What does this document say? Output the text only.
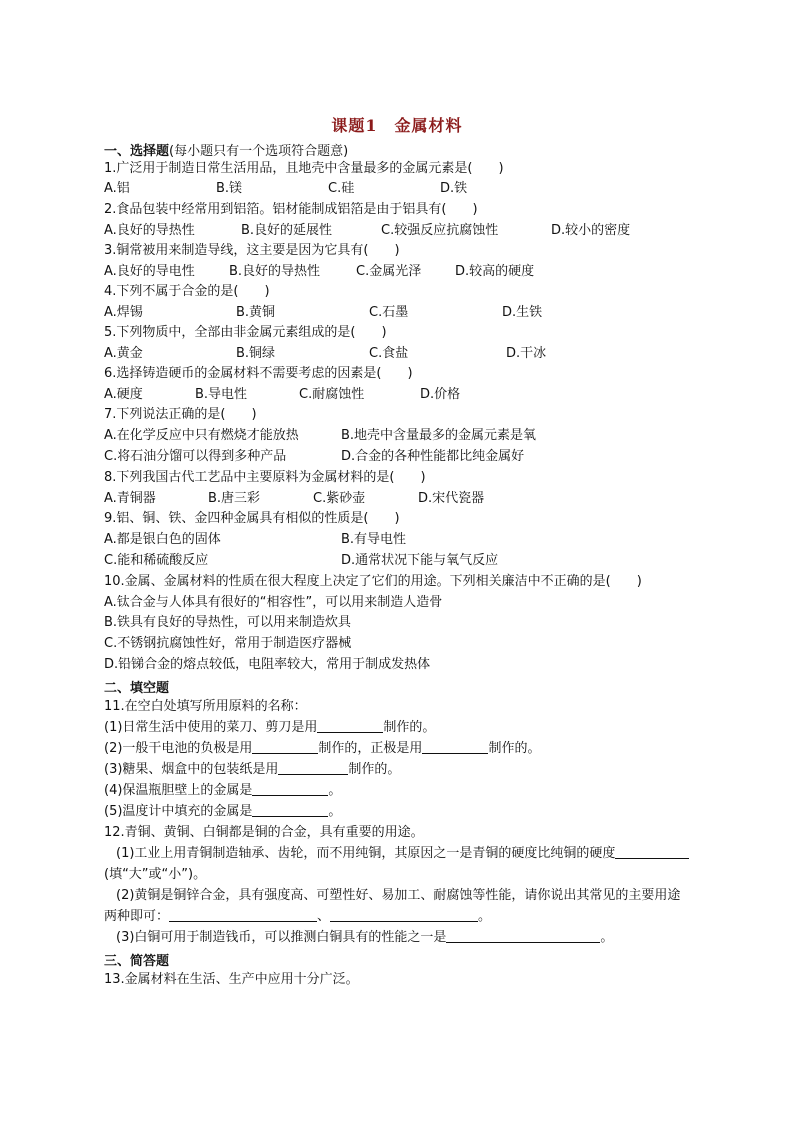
课题1　金属材料
一、选择题(每小题只有一个选项符合题意)
1.广泛用于制造日常生活用品，且地壳中含量最多的金属元素是(　　)
A.铝	B.镁	C.硅	D.铁
2.食品包装中经常用到铝箔。铝材能制成铝箔是由于铝具有(　　)
A.良好的导热性	B.良好的延展性	C.较强反应抗腐蚀性	D.较小的密度
3.铜常被用来制造导线，这主要是因为它具有(　　)
A.良好的导电性	B.良好的导热性	C.金属光泽	D.较高的硬度
4.下列不属于合金的是(　　)
A.焊锡	B.黄铜	C.石墨	D.生铁
5.下列物质中，全部由非金属元素组成的是(　　)
A.黄金	B.铜绿	C.食盐	D.干冰
6.选择铸造硬币的金属材料不需要考虑的因素是(　　)
A.硬度	B.导电性	C.耐腐蚀性	D.价格
7.下列说法正确的是(　　)
A.在化学反应中只有燃烧才能放热	B.地壳中含量最多的金属元素是氧
C.将石油分馏可以得到多种产品	D.合金的各种性能都比纯金属好
8.下列我国古代工艺品中主要原料为金属材料的是(　　)
A.青铜器	B.唐三彩	C.紫砂壶	D.宋代瓷器
9.铝、铜、铁、金四种金属具有相似的性质是(　　)
A.都是银白色的固体	B.有导电性
C.能和稀硫酸反应	D.通常状况下能与氧气反应
10.金属、金属材料的性质在很大程度上决定了它们的用途。下列相关廉洁中不正确的是(　　)
A.钛合金与人体具有很好的“相容性”，可以用来制造人造骨
B.铁具有良好的导热性，可以用来制造炊具
C.不锈钢抗腐蚀性好，常用于制造医疗器械
D.铅锑合金的熔点较低，电阻率较大，常用于制成发热体
二、填空题
11.在空白处填写所用原料的名称：
(1)日常生活中使用的菜刀、剪刀是用	制作的。
(2)一般干电池的负极是用	制作的，正极是用	制作的。
(3)糖果、烟盒中的包装纸是用	制作的。
(4)保温瓶胆壁上的金属是	。
(5)温度计中填充的金属是	。
12.青铜、黄铜、白铜都是铜的合金，具有重要的用途。
(1)工业上用青铜制造轴承、齿轮，而不用纯铜，其原因之一是青铜的硬度比纯铜的硬度
(填“大”或“小”)。
(2)黄铜是铜锌合金，具有强度高、可塑性好、易加工、耐腐蚀等性能，请你说出其常见的主要用途
两种即可：	、	。
(3)白铜可用于制造钱币，可以推测白铜具有的性能之一是	。
三、简答题
13.金属材料在生活、生产中应用十分广泛。
